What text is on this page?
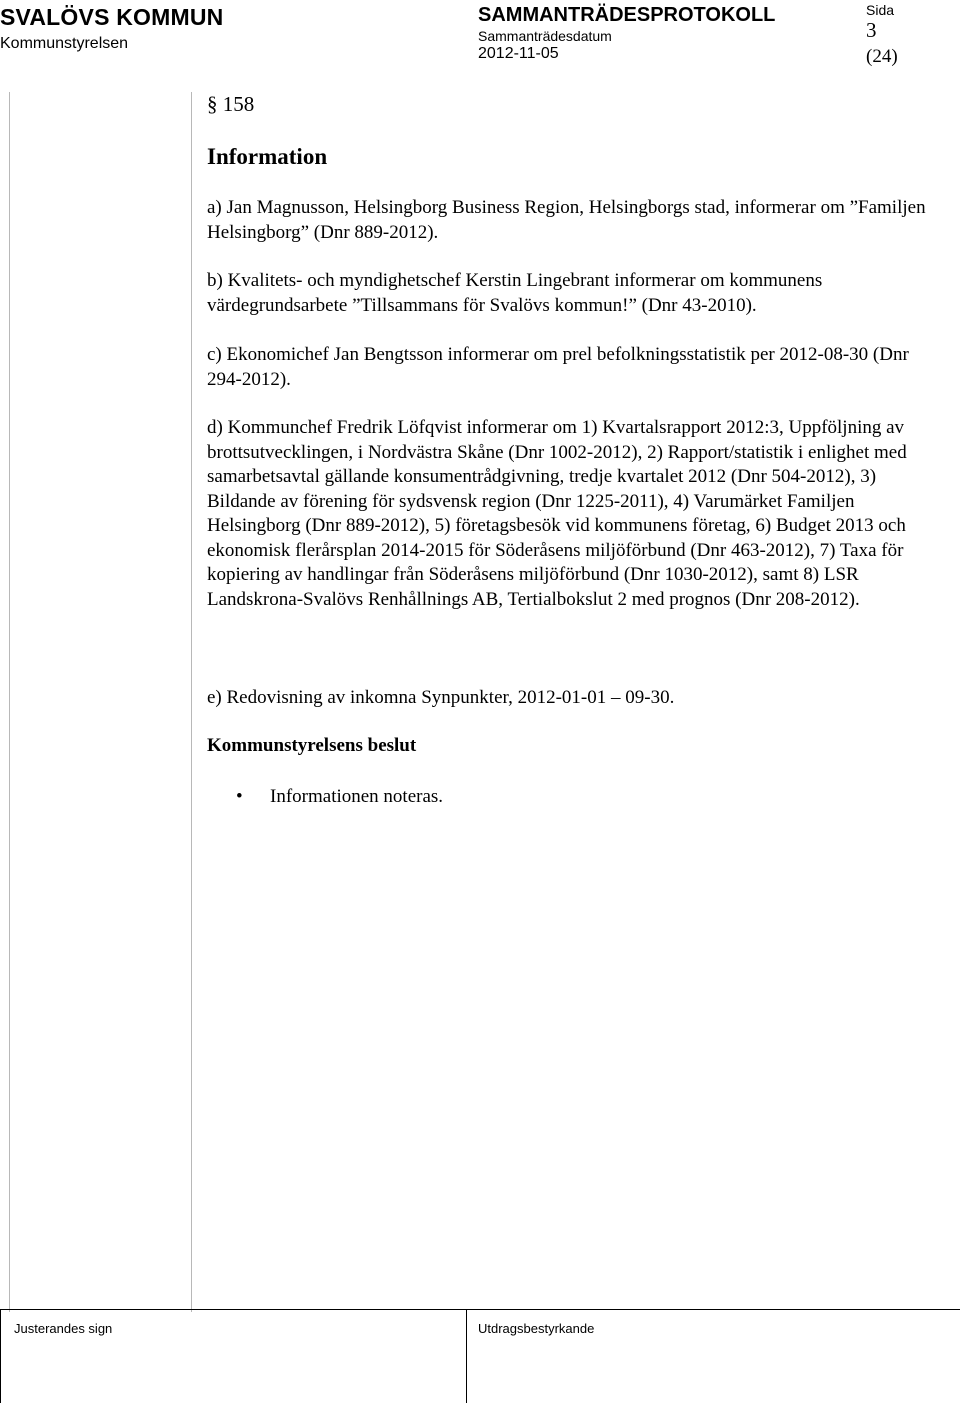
SVALÖVS KOMMUN
Kommunstyrelsen
SAMMANTRÄDESPROTOKOLL
Sammanträdesdatum
2012-11-05
Sida
3
(24)
§ 158
Information

a) Jan Magnusson, Helsingborg Business Region, Helsingborgs stad, informerar om ”Familjen Helsingborg” (Dnr 889-2012).

b) Kvalitets- och myndighetschef Kerstin Lingebrant informerar om kommunens värdegrundsarbete ”Tillsammans för Svalövs kommun!” (Dnr 43-2010).

c) Ekonomichef Jan Bengtsson informerar om prel befolkningsstatistik per 2012-08-30 (Dnr 294-2012).

d) Kommunchef Fredrik Löfqvist informerar om 1) Kvartalsrapport 2012:3, Uppföljning av brottsutvecklingen, i Nordvästra Skåne (Dnr 1002-2012), 2) Rapport/statistik i enlighet med samarbetsavtal gällande konsumentrådgivning, tredje kvartalet 2012 (Dnr 504-2012), 3) Bildande av förening för sydsvensk region (Dnr 1225-2011), 4) Varumärket Familjen Helsingborg (Dnr 889-2012), 5) företagsbesök vid kommunens företag, 6) Budget 2013 och ekonomisk flerårsplan 2014-2015 för Söderåsens miljöförbund (Dnr 463-2012), 7) Taxa för kopiering av handlingar från Söderåsens miljöförbund (Dnr 1030-2012), samt 8) LSR Landskrona-Svalövs Renhållnings AB, Tertialbokslut 2 med prognos (Dnr 208-2012).

e) Redovisning av inkomna Synpunkter, 2012-01-01 – 09-30.

Kommunstyrelsens beslut
• Informationen noteras.
Justerandes sign	Utdragsbestyrkande
